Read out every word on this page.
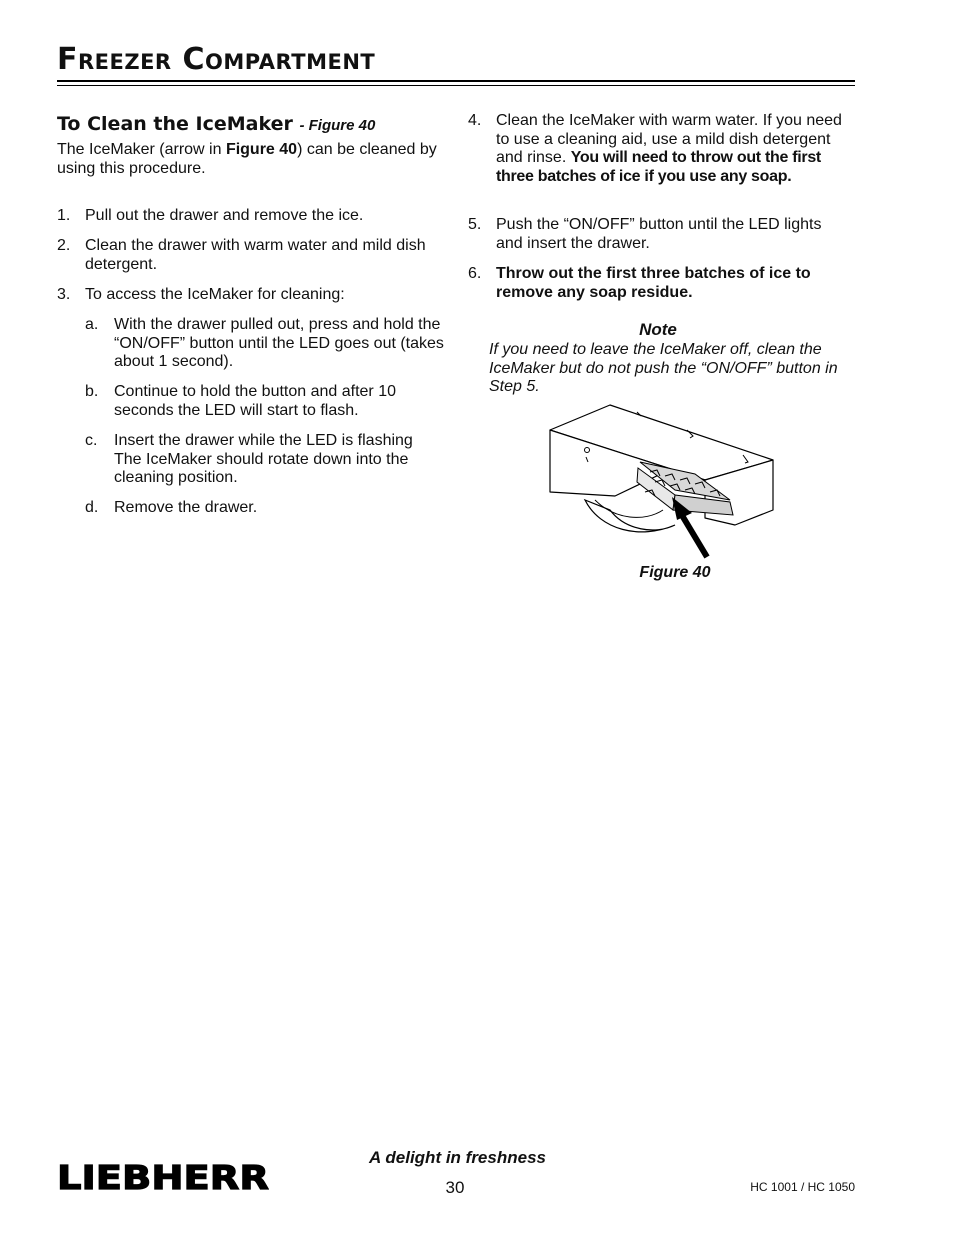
Freezer Compartment
To Clean the IceMaker - Figure 40
The IceMaker (arrow in Figure 40) can be cleaned by using this procedure.
1. Pull out the drawer and remove the ice.
2. Clean the drawer with warm water and mild dish detergent.
3. To access the IceMaker for cleaning:
a. With the drawer pulled out, press and hold the “ON/OFF” button until the LED goes out (takes about 1 second).
b. Continue to hold the button and after 10 seconds the LED will start to flash.
c. Insert the drawer while the LED is flashing The IceMaker should rotate down into the cleaning position.
d. Remove the drawer.
4. Clean the IceMaker with warm water. If you need to use a cleaning aid, use a mild dish detergent and rinse. You will need to throw out the first three batches of ice if you use any soap.
5. Push the “ON/OFF” button until the LED lights and insert the drawer.
6. Throw out the first three batches of ice to remove any soap residue.
Note
If you need to leave the IceMaker off, clean the IceMaker but do not push the “ON/OFF” button in Step 5.
Figure 40
LIEBHERR
A delight in freshness
30	HC 1001 / HC 1050
